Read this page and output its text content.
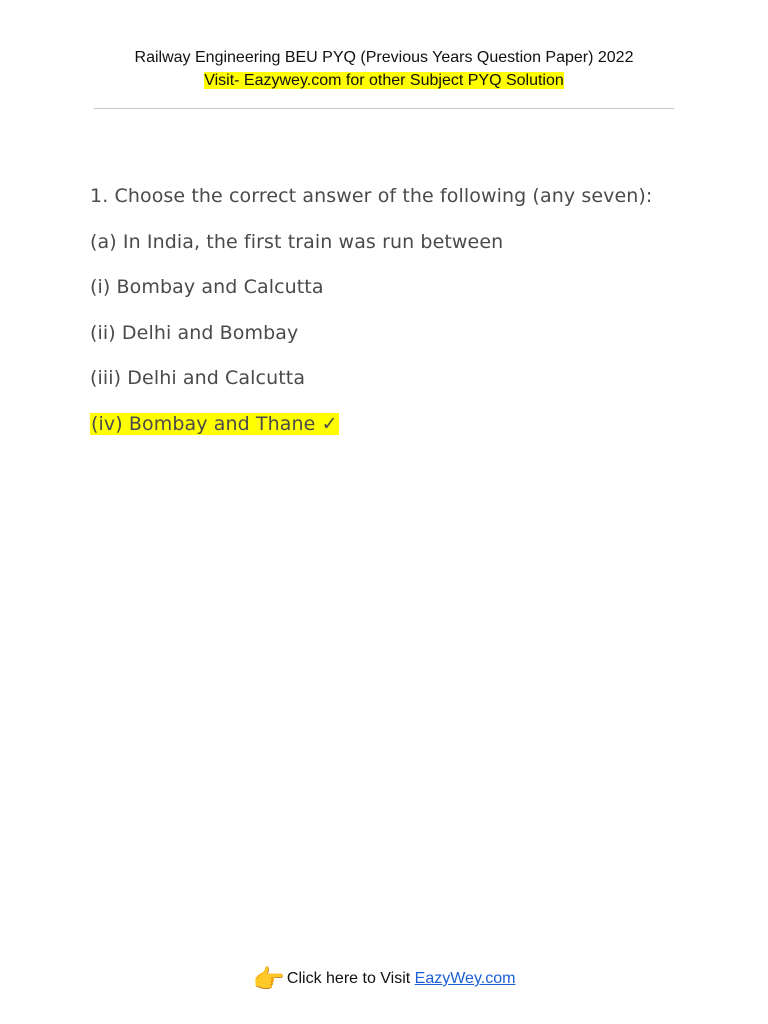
Railway Engineering BEU PYQ (Previous Years Question Paper) 2022
Visit- Eazywey.com for other Subject PYQ Solution
1. Choose the correct answer of the following (any seven):
(a) In India, the first train was run between
(i) Bombay and Calcutta
(ii) Delhi and Bombay
(iii) Delhi and Calcutta
(iv) Bombay and Thane ✓
👉 Click here to Visit EazyWey.com
